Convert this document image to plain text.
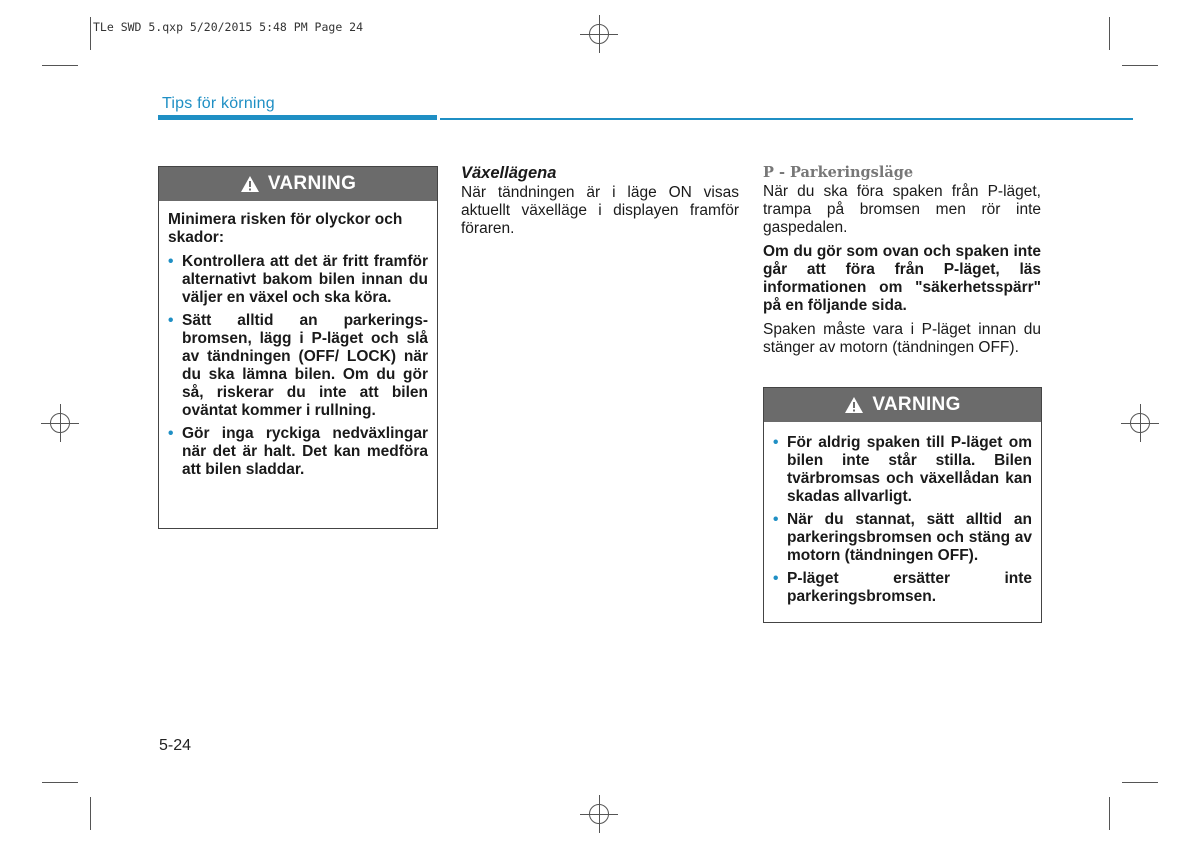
TLe SWD 5.qxp 5/20/2015 5:48 PM Page 24
Tips för körning
VARNING

Minimera risken för olyckor och skador:

• Kontrollera att det är fritt framför alternativt bakom bilen innan du väljer en växel och ska köra.
• Sätt alltid an parkerings-bromsen, lägg i P-läget och slå av tändningen (OFF/ LOCK) när du ska lämna bilen. Om du gör så, riskerar du inte att bilen oväntat kommer i rullning.
• Gör inga ryckiga nedväxlingar när det är halt. Det kan medföra att bilen sladdar.
Växellägena

När tändningen är i läge ON visas aktuellt växelläge i displayen framför föraren.

P - Parkeringsläge

När du ska föra spaken från P-läget, trampa på bromsen men rör inte gaspedalen.

Om du gör som ovan och spaken inte går att föra från P-läget, läs informationen om "säkerhetsspärr" på en följande sida.

Spaken måste vara i P-läget innan du stänger av motorn (tändningen OFF).

VARNING
• För aldrig spaken till P-läget om bilen inte står stilla. Bilen tvärbromsas och växellådan kan skadas allvarligt.
• När du stannat, sätt alltid an parkeringsbromsen och stäng av motorn (tändningen OFF).
• P-läget ersätter inte parkeringsbromsen.
5-24
